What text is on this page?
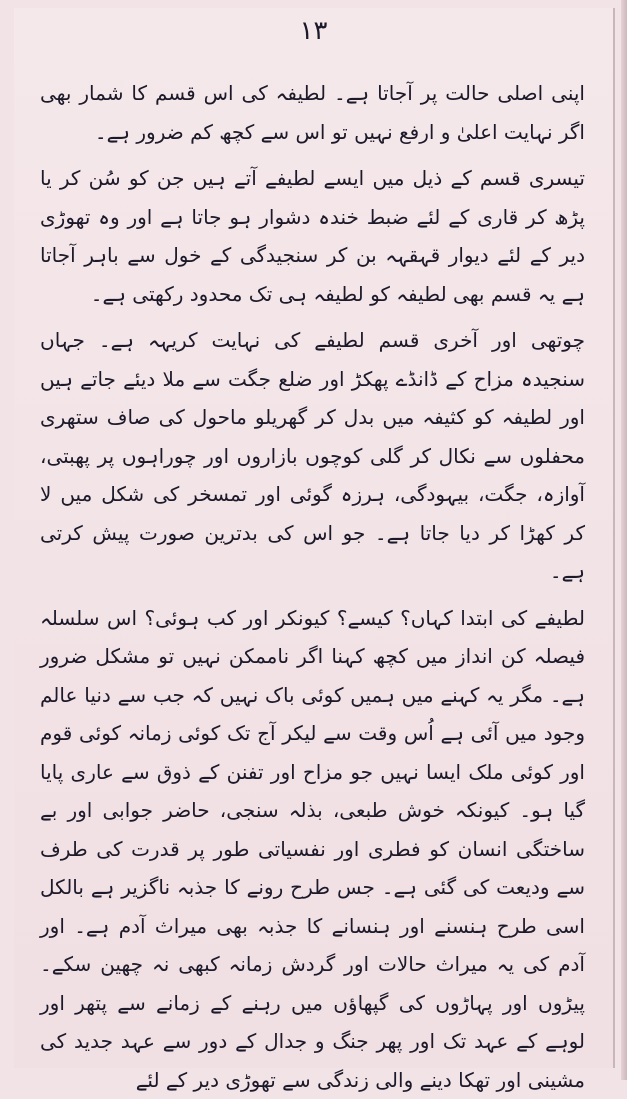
۱۳

اپنی اصلی حالت پر آجاتا ہے۔ لطیفہ کی اس قسم کا شمار بھی اگر نہایت اعلیٰ و ارفع نہیں تو اس سے کچھ کم ضرور ہے۔

تیسری قسم کے ذیل میں ایسے لطیفے آتے ہیں جن کو سُن کر یا پڑھ کر قاری کے لئے ضبط خندہ دشوار ہو جاتا ہے اور وہ تھوڑی دیر کے لئے دیوار قہقہہ بن کر سنجیدگی کے خول سے باہر آجاتا ہے یہ قسم بھی لطیفہ کو لطیفہ ہی تک محدود رکھتی ہے۔

چوتھی اور آخری قسم لطیفے کی نہایت کریہہ ہے۔ جہاں سنجیدہ مزاح کے ڈانڈے پھکڑ اور ضلع جگت سے ملا دیئے جاتے ہیں اور لطیفہ کو کثیفہ میں بدل کر گھریلو ماحول کی صاف ستھری محفلوں سے نکال کر گلی کوچوں بازاروں اور چوراہوں پر پھبتی، آوازہ، جگت، بیہودگی، ہرزہ گوئی اور تمسخر کی شکل میں لا کر کھڑا کر دیا جاتا ہے۔ جو اس کی بدترین صورت پیش کرتی ہے۔

لطیفے کی ابتدا کہاں؟ کیسے؟ کیونکر اور کب ہوئی؟ اس سلسلہ فیصلہ کن انداز میں کچھ کہنا اگر ناممکن نہیں تو مشکل ضرور ہے۔ مگر یہ کہنے میں ہمیں کوئی باک نہیں کہ جب سے دنیا عالم وجود میں آئی ہے اُس وقت سے لیکر آج تک کوئی زمانہ کوئی قوم اور کوئی ملک ایسا نہیں جو مزاح اور تفنن کے ذوق سے عاری پایا گیا ہو۔ کیونکہ خوش طبعی، بذلہ سنجی، حاضر جوابی اور بے ساختگی انسان کو فطری اور نفسیاتی طور پر قدرت کی طرف سے ودیعت کی گئی ہے۔ جس طرح رونے کا جذبہ ناگزیر ہے بالکل اسی طرح ہنسنے اور ہنسانے کا جذبہ بھی میراث آدم ہے۔ اور آدم کی یہ میراث حالات اور گردش زمانہ کبھی نہ چھین سکے۔ پیڑوں اور پہاڑوں کی گپھاؤں میں رہنے کے زمانے سے پتھر اور لوہے کے عہد تک اور پھر جنگ و جدال کے دور سے عہد جدید کی مشینی اور تھکا دینے والی زندگی سے تھوڑی دیر کے لئے
